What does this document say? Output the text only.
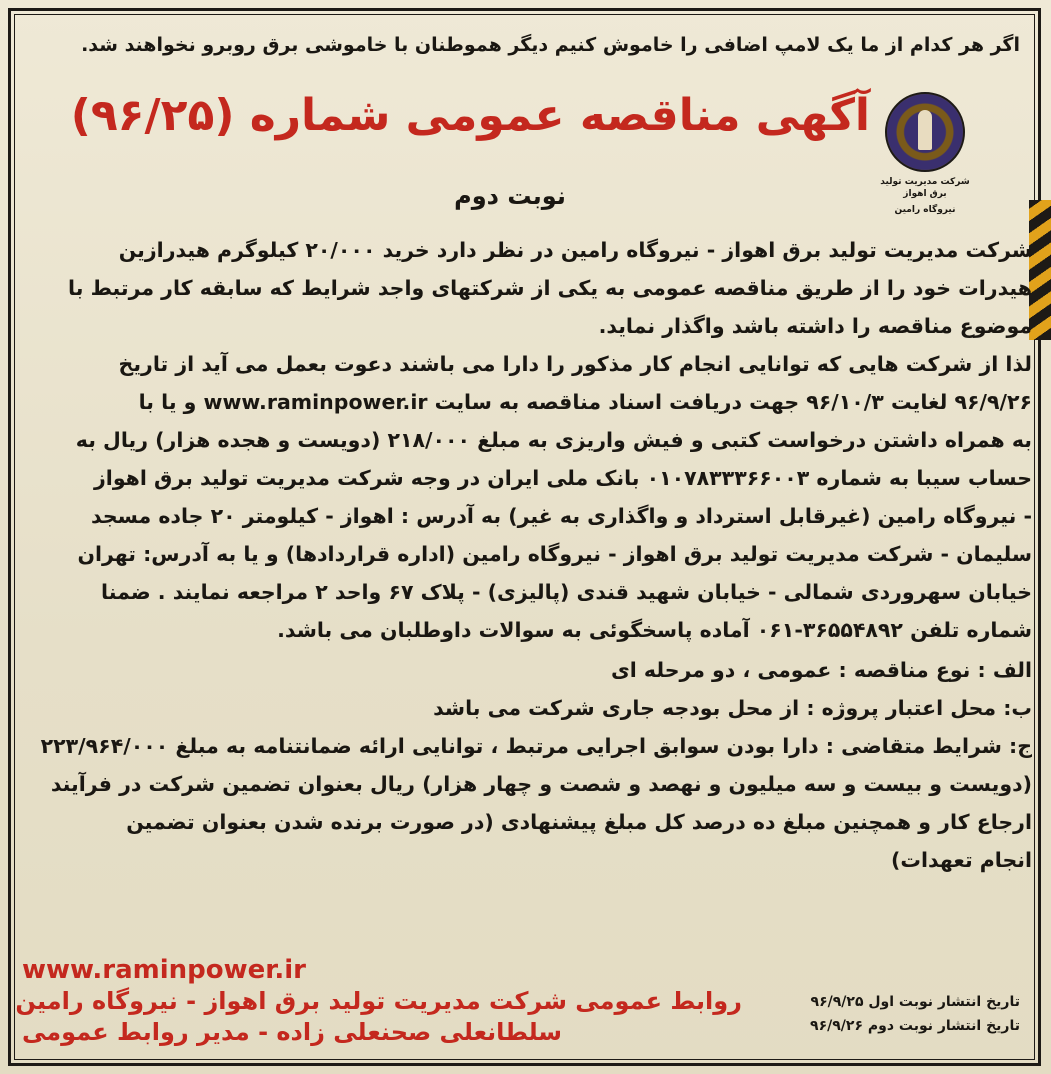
اگر هر کدام از ما یک لامپ اضافی را خاموش کنیم دیگر هموطنان با خاموشی برق روبرو نخواهند شد.
شرکت مدیریت تولید برق اهواز
نیروگاه رامین
آگهی مناقصه عمومی شماره (۹۶/۲۵)
نوبت دوم
شرکت مدیریت تولید برق اهواز - نیروگاه رامین در نظر دارد خرید ۲۰/۰۰۰ کیلوگرم هیدرازین
هیدرات خود را از طریق مناقصه عمومی به یکی از شرکتهای واجد شرایط که سابقه کار مرتبط با
موضوع مناقصه را داشته باشد واگذار نماید.
لذا از شرکت هایی که توانایی انجام کار مذکور را دارا می باشند دعوت بعمل می آید از تاریخ
۹۶/۹/۲۶ لغایت ۹۶/۱۰/۳ جهت دریافت اسناد مناقصه به سایت www.raminpower.ir و یا با
به همراه داشتن درخواست کتبی و فیش واریزی به مبلغ ۲۱۸/۰۰۰ (دویست و هجده هزار) ریال به
حساب سیبا به شماره ۰۱۰۷۸۳۳۳۶۶۰۰۳ بانک ملی ایران در وجه شرکت مدیریت تولید برق اهواز
- نیروگاه رامین (غیرقابل استرداد و واگذاری به غیر) به آدرس : اهواز - کیلومتر ۲۰ جاده مسجد
سلیمان - شرکت مدیریت تولید برق اهواز - نیروگاه رامین (اداره قراردادها) و یا به آدرس: تهران
خیابان سهروردی شمالی - خیابان شهید قندی (پالیزی) - پلاک ۶۷ واحد ۲ مراجعه نمایند . ضمنا
شماره تلفن ۳۶۵۵۴۸۹۲-۰۶۱ آماده پاسخگوئی به سوالات داوطلبان می باشد.
الف : نوع مناقصه : عمومی ، دو مرحله ای
ب: محل اعتبار پروژه : از محل بودجه جاری شرکت می باشد
ج: شرایط متقاضی : دارا بودن سوابق اجرایی مرتبط ، توانایی ارائه ضمانتنامه به مبلغ ۲۲۳/۹۶۴/۰۰۰
(دویست و بیست و سه میلیون و نهصد و شصت و چهار هزار) ریال بعنوان تضمین شرکت در فرآیند
ارجاع کار و همچنین مبلغ ده درصد کل مبلغ پیشنهادی (در صورت برنده شدن بعنوان تضمین
انجام تعهدات)
www.raminpower.ir
روابط عمومی شرکت مدیریت تولید برق اهواز - نیروگاه رامین
سلطانعلی صحنعلی زاده - مدیر روابط عمومی
تاریخ انتشار نوبت اول ۹۶/۹/۲۵
تاریخ انتشار نوبت دوم ۹۶/۹/۲۶
